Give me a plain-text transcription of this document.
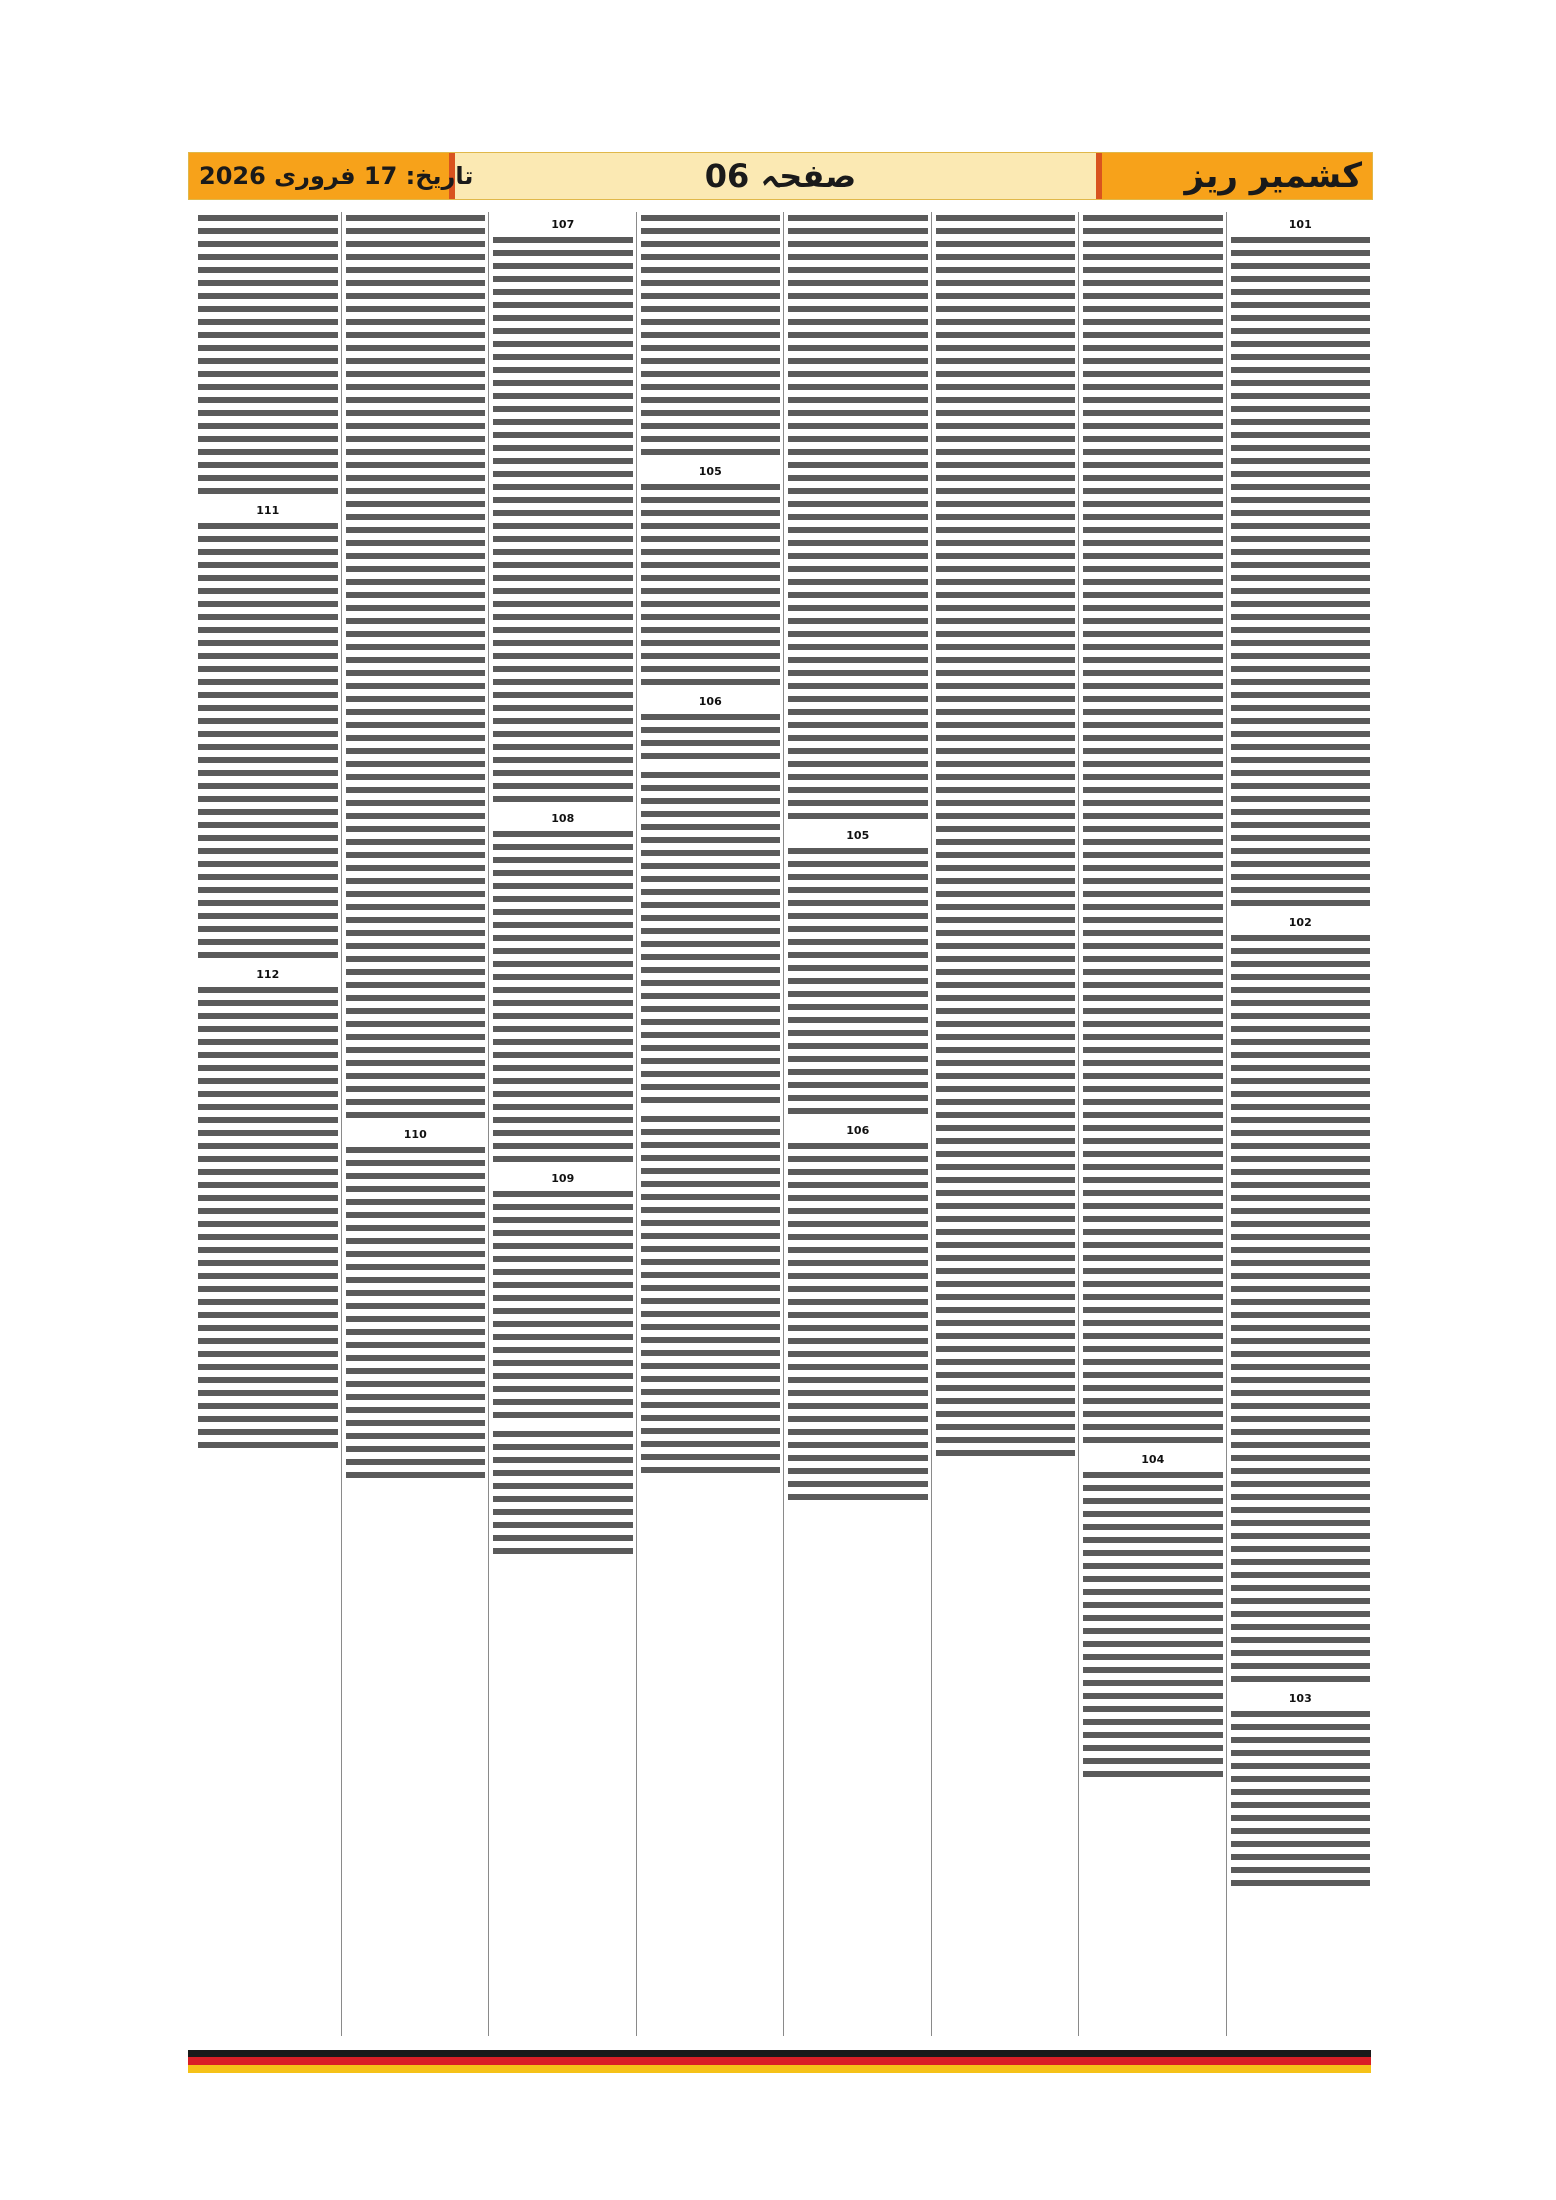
کشمیر ریز
صفحہ 06
تاریخ: 17 فروری 2026
101
102
103
104
105
106
105
106
107
108
109
110
111
112
